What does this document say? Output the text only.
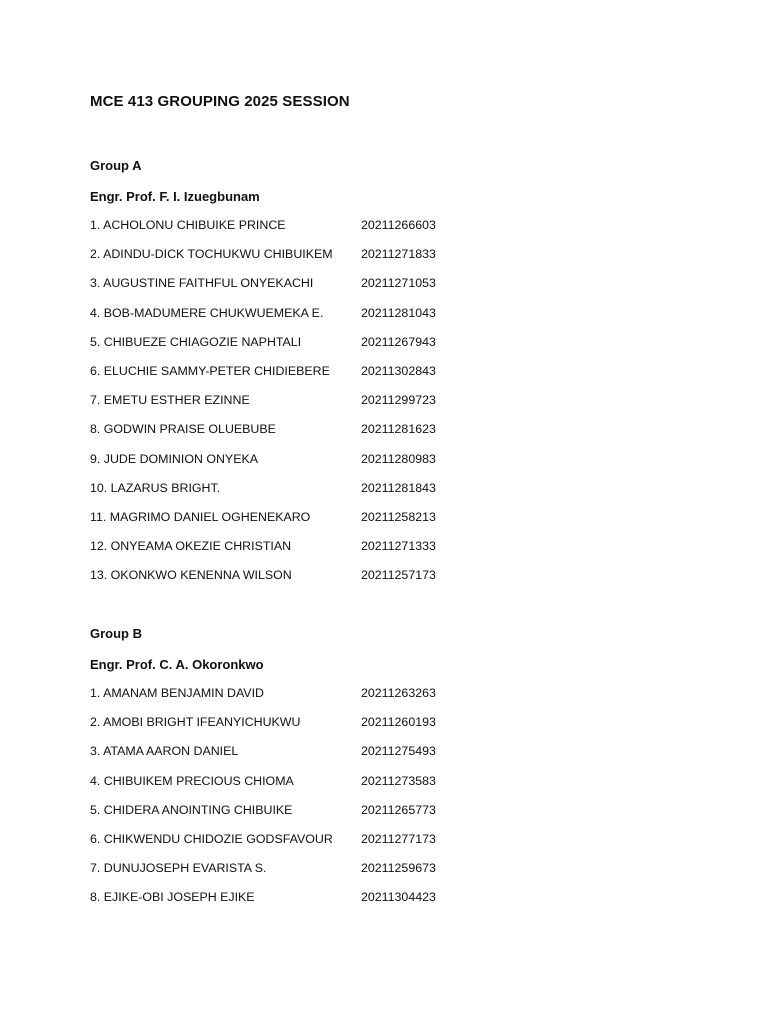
MCE 413 GROUPING 2025 SESSION
Group A
Engr. Prof. F. I. Izuegbunam
1. ACHOLONU CHIBUIKE PRINCE	20211266603
2. ADINDU-DICK TOCHUKWU CHIBUIKEM	20211271833
3. AUGUSTINE FAITHFUL ONYEKACHI	20211271053
4. BOB-MADUMERE CHUKWUEMEKA E.	20211281043
5. CHIBUEZE CHIAGOZIE NAPHTALI	20211267943
6. ELUCHIE SAMMY-PETER CHIDIEBERE	20211302843
7. EMETU ESTHER EZINNE	20211299723
8. GODWIN PRAISE OLUEBUBE	20211281623
9. JUDE DOMINION ONYEKA	20211280983
10. LAZARUS BRIGHT.	20211281843
11. MAGRIMO DANIEL OGHENEKARO	20211258213
12. ONYEAMA OKEZIE CHRISTIAN	20211271333
13. OKONKWO KENENNA WILSON	20211257173
Group B
Engr. Prof. C. A. Okoronkwo
1. AMANAM BENJAMIN DAVID	20211263263
2. AMOBI BRIGHT IFEANYICHUKWU	20211260193
3. ATAMA AARON DANIEL	20211275493
4. CHIBUIKEM PRECIOUS CHIOMA	20211273583
5. CHIDERA ANOINTING CHIBUIKE	20211265773
6. CHIKWENDU CHIDOZIE GODSFAVOUR	20211277173
7. DUNUJOSEPH EVARISTA S.	20211259673
8. EJIKE-OBI JOSEPH EJIKE	20211304423
